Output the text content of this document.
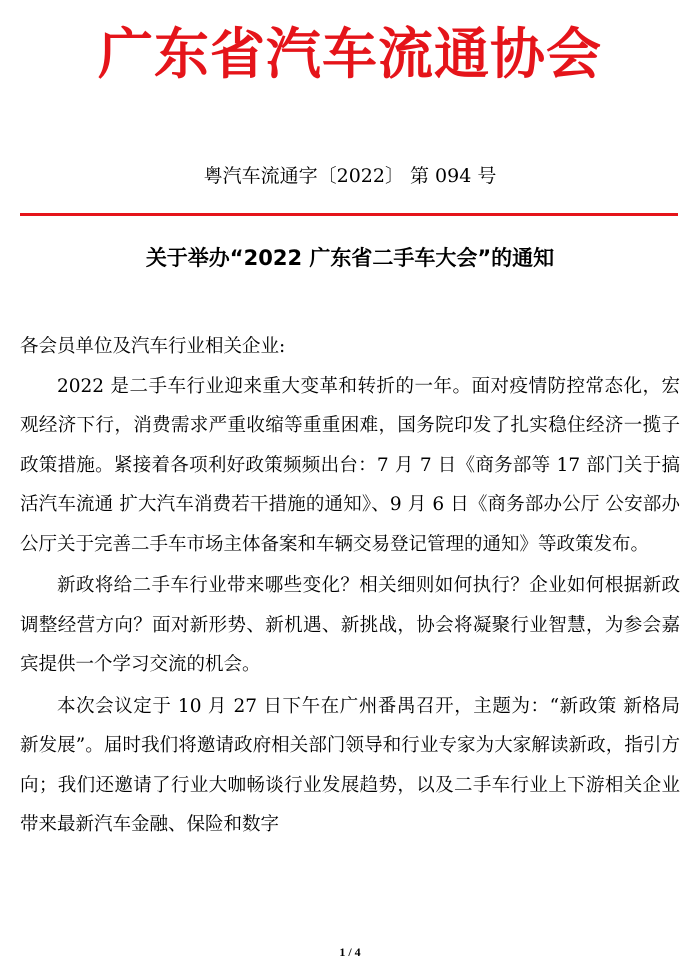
广东省汽车流通协会
粤汽车流通字〔2022〕 第 094 号
关于举办“2022 广东省二手车大会”的通知

各会员单位及汽车行业相关企业:

2022 是二手车行业迎来重大变革和转折的一年。面对疫情防控常态化，宏观经济下行，消费需求严重收缩等重重困难，国务院印发了扎实稳住经济一揽子政策措施。紧接着各项利好政策频频出台：7 月 7 日《商务部等 17 部门关于搞活汽车流通 扩大汽车消费若干措施的通知》、9 月 6 日《商务部办公厅 公安部办公厅关于完善二手车市场主体备案和车辆交易登记管理的通知》等政策发布。

新政将给二手车行业带来哪些变化？相关细则如何执行？企业如何根据新政调整经营方向？面对新形势、新机遇、新挑战，协会将凝聚行业智慧，为参会嘉宾提供一个学习交流的机会。

本次会议定于 10 月 27 日下午在广州番禺召开，主题为：“新政策 新格局 新发展”。届时我们将邀请政府相关部门领导和行业专家为大家解读新政，指引方向；我们还邀请了行业大咖畅谈行业发展趋势，以及二手车行业上下游相关企业带来最新汽车金融、保险和数字

1 / 4
